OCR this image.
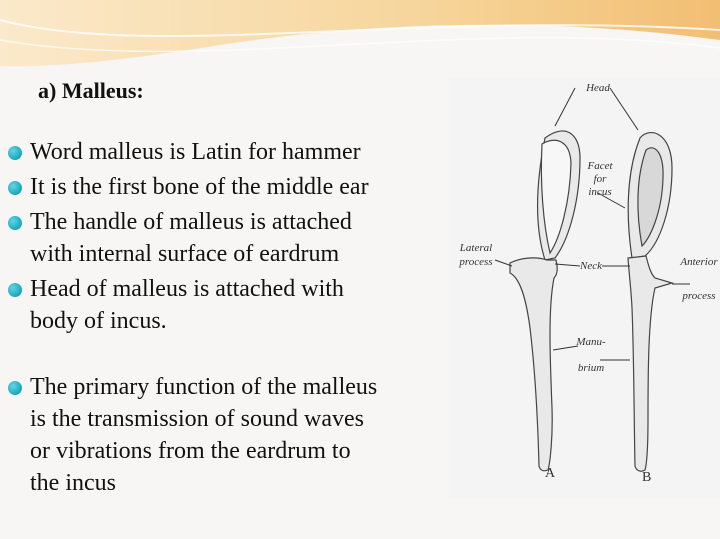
a) Malleus:

Word malleus is Latin for hammer

It is the first bone of the middle ear

The handle of malleus is attached
with internal surface of eardrum

Head of malleus is attached with
body of incus.

The primary function of the malleus
is the transmission of sound waves
or vibrations from the eardrum to
the incus

Head
Facet
for
incus
Lateral
process	Neck	Anterior
process
Manu-
brium
A	B
